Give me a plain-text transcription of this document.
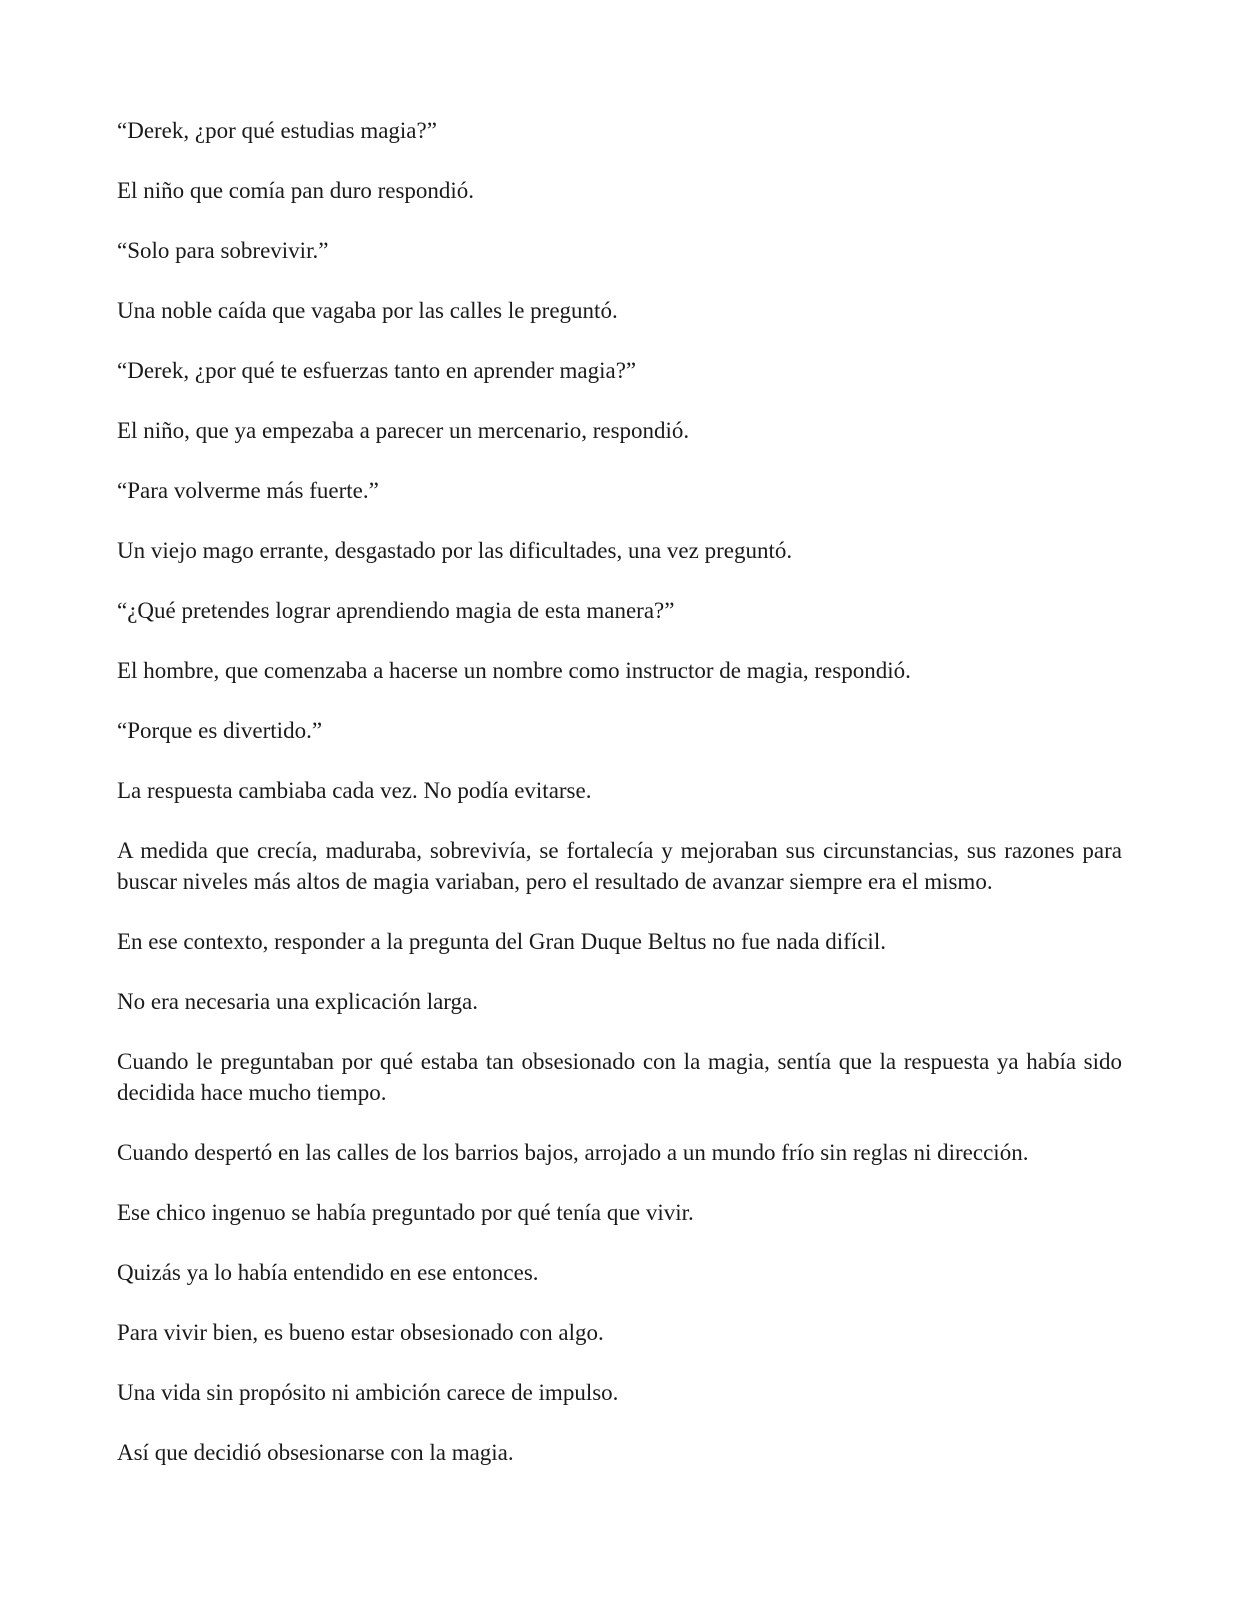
“Derek, ¿por qué estudias magia?”

El niño que comía pan duro respondió.

“Solo para sobrevivir.”

Una noble caída que vagaba por las calles le preguntó.

“Derek, ¿por qué te esfuerzas tanto en aprender magia?”

El niño, que ya empezaba a parecer un mercenario, respondió.

“Para volverme más fuerte.”

Un viejo mago errante, desgastado por las dificultades, una vez preguntó.

“¿Qué pretendes lograr aprendiendo magia de esta manera?”

El hombre, que comenzaba a hacerse un nombre como instructor de magia, respondió.

“Porque es divertido.”

La respuesta cambiaba cada vez. No podía evitarse.

A medida que crecía, maduraba, sobrevivía, se fortalecía y mejoraban sus circunstancias, sus razones para buscar niveles más altos de magia variaban, pero el resultado de avanzar siempre era el mismo.

En ese contexto, responder a la pregunta del Gran Duque Beltus no fue nada difícil.

No era necesaria una explicación larga.

Cuando le preguntaban por qué estaba tan obsesionado con la magia, sentía que la respuesta ya había sido decidida hace mucho tiempo.

Cuando despertó en las calles de los barrios bajos, arrojado a un mundo frío sin reglas ni dirección.

Ese chico ingenuo se había preguntado por qué tenía que vivir.

Quizás ya lo había entendido en ese entonces.

Para vivir bien, es bueno estar obsesionado con algo.

Una vida sin propósito ni ambición carece de impulso.

Así que decidió obsesionarse con la magia.
